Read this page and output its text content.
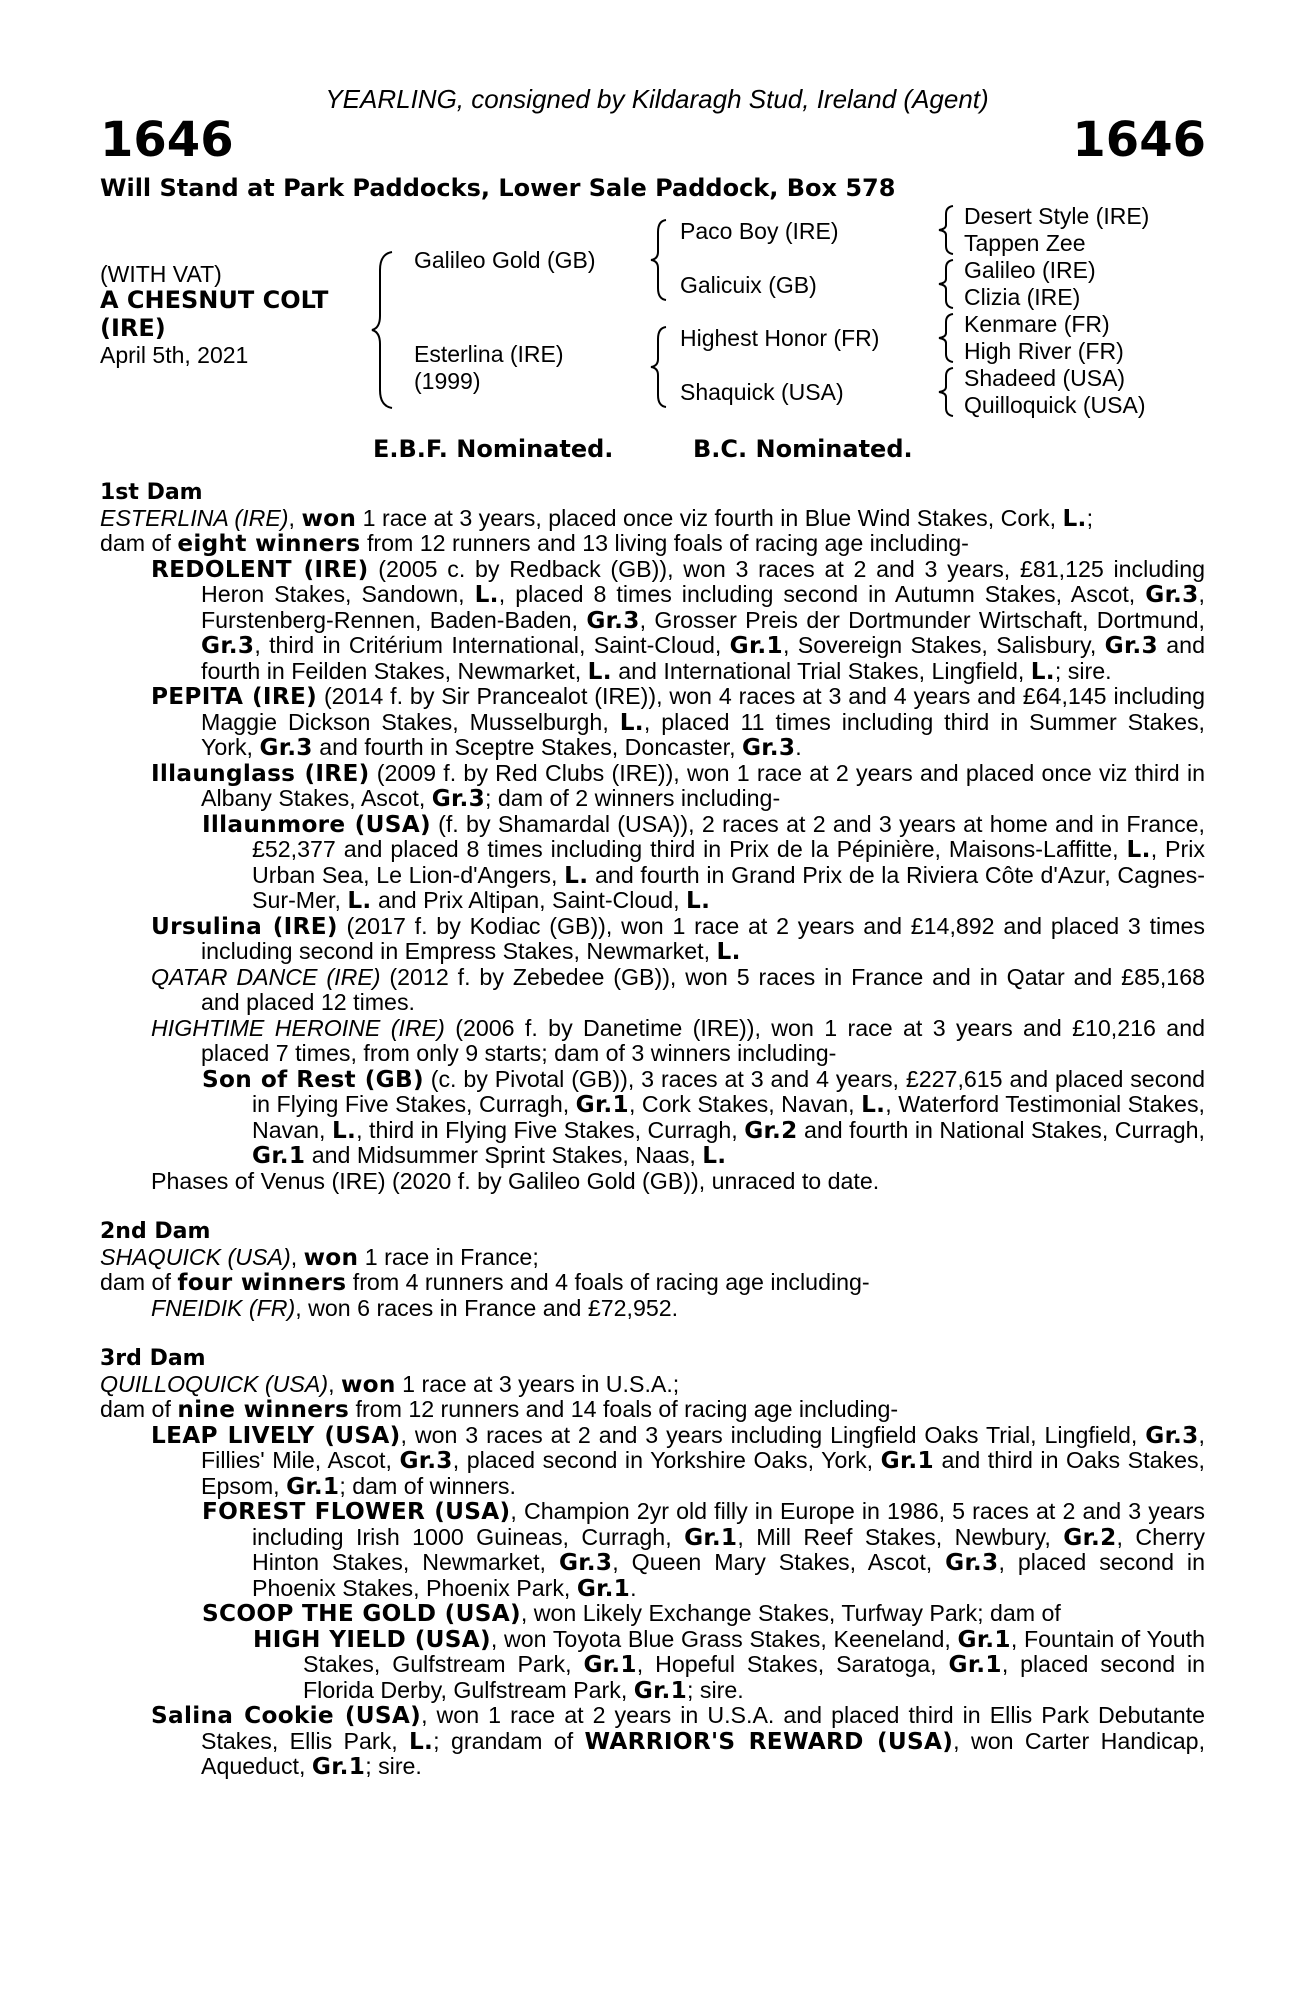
YEARLING, consigned by Kildaragh Stud, Ireland (Agent)
1646	1646
Will Stand at Park Paddocks, Lower Sale Paddock, Box 578
(WITH VAT)
A CHESNUT COLT
(IRE)
April 5th, 2021
Galileo Gold (GB)
Esterlina (IRE)
(1999)
Paco Boy (IRE)
Galicuix (GB)
Highest Honor (FR)
Shaquick (USA)
Desert Style (IRE)
Tappen Zee
Galileo (IRE)
Clizia (IRE)
Kenmare (FR)
High River (FR)
Shadeed (USA)
Quilloquick (USA)
E.B.F. Nominated.	B.C. Nominated.

1st Dam

ESTERLINA (IRE), won 1 race at 3 years, placed once viz fourth in Blue Wind Stakes, Cork, L.;

dam of eight winners from 12 runners and 13 living foals of racing age including-

REDOLENT (IRE) (2005 c. by Redback (GB)), won 3 races at 2 and 3 years, £81,125 including Heron Stakes, Sandown, L., placed 8 times including second in Autumn Stakes, Ascot, Gr.3, Furstenberg-Rennen, Baden-Baden, Gr.3, Grosser Preis der Dortmunder Wirtschaft, Dortmund, Gr.3, third in Critérium International, Saint-Cloud, Gr.1, Sovereign Stakes, Salisbury, Gr.3 and fourth in Feilden Stakes, Newmarket, L. and International Trial Stakes, Lingfield, L.; sire.

PEPITA (IRE) (2014 f. by Sir Prancealot (IRE)), won 4 races at 3 and 4 years and £64,145 including Maggie Dickson Stakes, Musselburgh, L., placed 11 times including third in Summer Stakes, York, Gr.3 and fourth in Sceptre Stakes, Doncaster, Gr.3.

Illaunglass (IRE) (2009 f. by Red Clubs (IRE)), won 1 race at 2 years and placed once viz third in Albany Stakes, Ascot, Gr.3; dam of 2 winners including-

Illaunmore (USA) (f. by Shamardal (USA)), 2 races at 2 and 3 years at home and in France, £52,377 and placed 8 times including third in Prix de la Pépinière, Maisons-Laffitte, L., Prix Urban Sea, Le Lion-d'Angers, L. and fourth in Grand Prix de la Riviera Côte d'Azur, Cagnes-Sur-Mer, L. and Prix Altipan, Saint-Cloud, L.

Ursulina (IRE) (2017 f. by Kodiac (GB)), won 1 race at 2 years and £14,892 and placed 3 times including second in Empress Stakes, Newmarket, L.

QATAR DANCE (IRE) (2012 f. by Zebedee (GB)), won 5 races in France and in Qatar and £85,168 and placed 12 times.

HIGHTIME HEROINE (IRE) (2006 f. by Danetime (IRE)), won 1 race at 3 years and £10,216 and placed 7 times, from only 9 starts; dam of 3 winners including-

Son of Rest (GB) (c. by Pivotal (GB)), 3 races at 3 and 4 years, £227,615 and placed second in Flying Five Stakes, Curragh, Gr.1, Cork Stakes, Navan, L., Waterford Testimonial Stakes, Navan, L., third in Flying Five Stakes, Curragh, Gr.2 and fourth in National Stakes, Curragh, Gr.1 and Midsummer Sprint Stakes, Naas, L.

Phases of Venus (IRE) (2020 f. by Galileo Gold (GB)), unraced to date.

2nd Dam

SHAQUICK (USA), won 1 race in France;

dam of four winners from 4 runners and 4 foals of racing age including-

FNEIDIK (FR), won 6 races in France and £72,952.

3rd Dam

QUILLOQUICK (USA), won 1 race at 3 years in U.S.A.;

dam of nine winners from 12 runners and 14 foals of racing age including-

LEAP LIVELY (USA), won 3 races at 2 and 3 years including Lingfield Oaks Trial, Lingfield, Gr.3, Fillies' Mile, Ascot, Gr.3, placed second in Yorkshire Oaks, York, Gr.1 and third in Oaks Stakes, Epsom, Gr.1; dam of winners.

FOREST FLOWER (USA), Champion 2yr old filly in Europe in 1986, 5 races at 2 and 3 years including Irish 1000 Guineas, Curragh, Gr.1, Mill Reef Stakes, Newbury, Gr.2, Cherry Hinton Stakes, Newmarket, Gr.3, Queen Mary Stakes, Ascot, Gr.3, placed second in Phoenix Stakes, Phoenix Park, Gr.1.

SCOOP THE GOLD (USA), won Likely Exchange Stakes, Turfway Park; dam of

HIGH YIELD (USA), won Toyota Blue Grass Stakes, Keeneland, Gr.1, Fountain of Youth Stakes, Gulfstream Park, Gr.1, Hopeful Stakes, Saratoga, Gr.1, placed second in Florida Derby, Gulfstream Park, Gr.1; sire.

Salina Cookie (USA), won 1 race at 2 years in U.S.A. and placed third in Ellis Park Debutante Stakes, Ellis Park, L.; grandam of WARRIOR'S REWARD (USA), won Carter Handicap, Aqueduct, Gr.1; sire.
